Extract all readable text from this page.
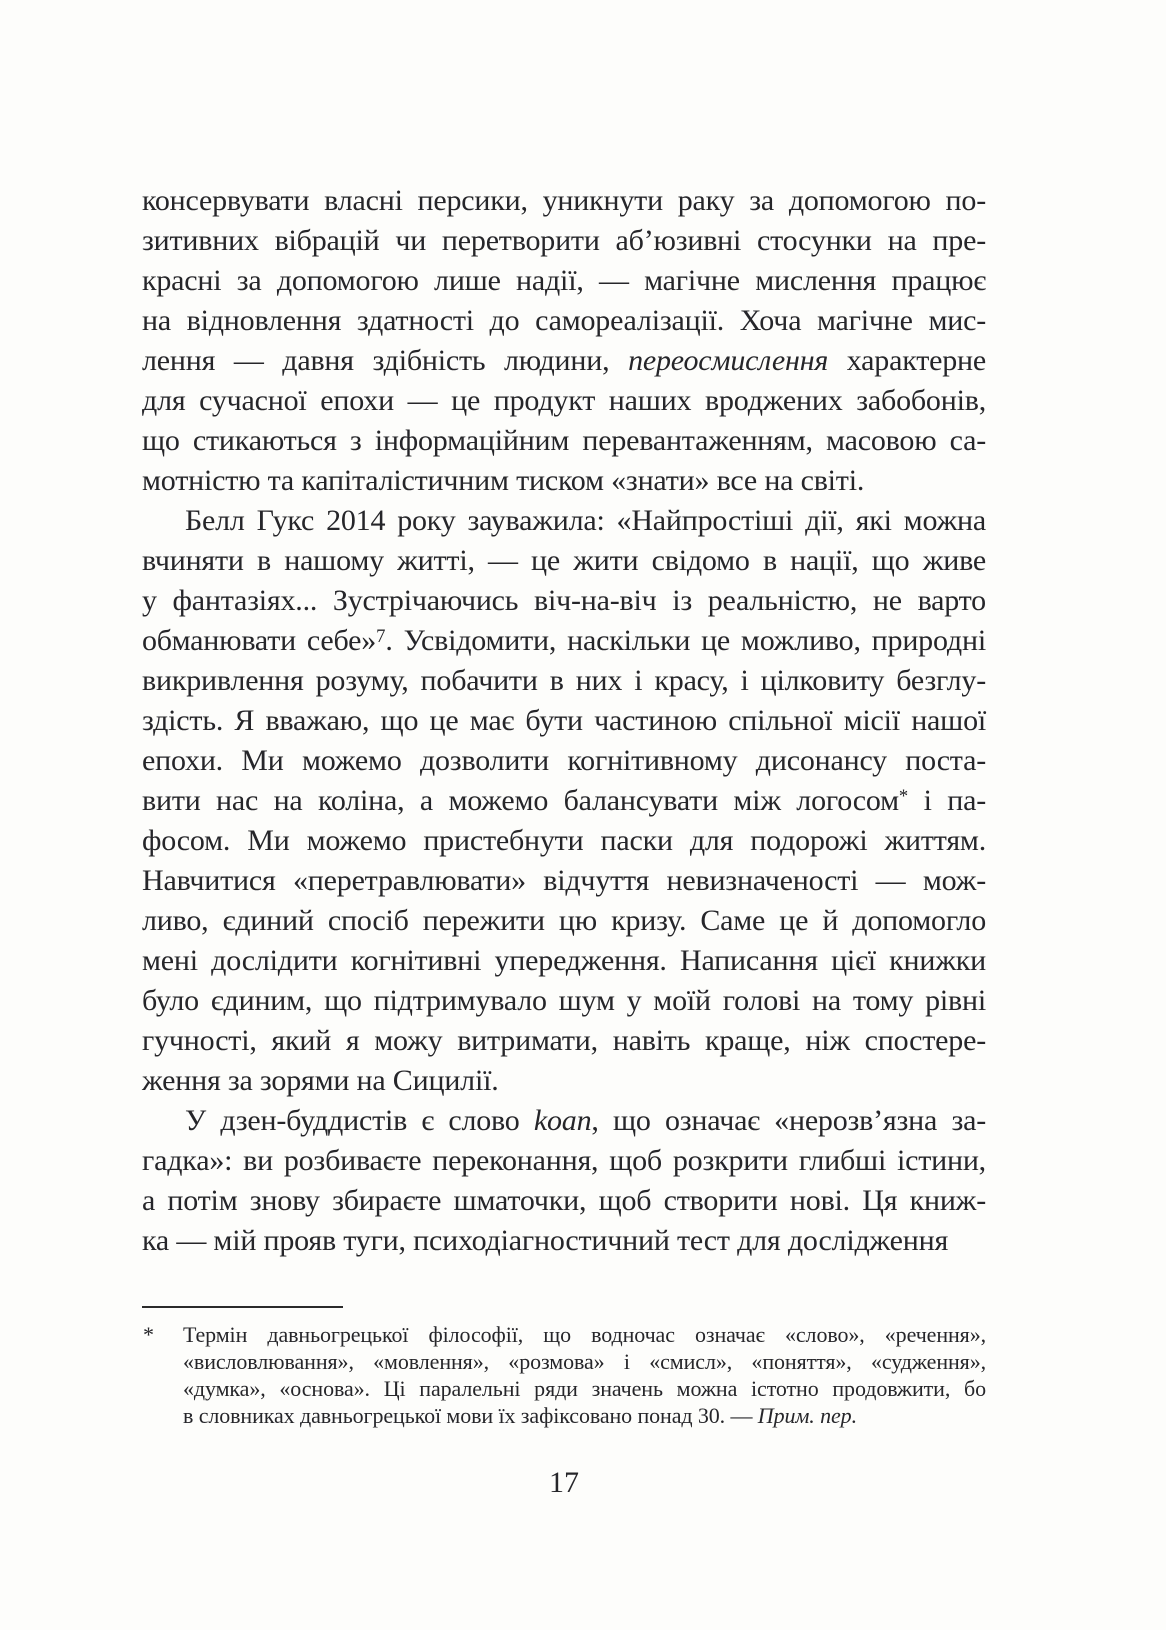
консервувати власні персики, уникнути раку за допомогою по-
зитивних вібрацій чи перетворити аб’юзивні стосунки на пре-
красні за допомогою лише надії, — магічне мислення працює
на відновлення здатності до самореалізації. Хоча магічне мис-
лення — давня здібність людини, переосмислення характерне
для сучасної епохи — це продукт наших вроджених забобонів,
що стикаються з інформаційним перевантаженням, масовою са-
мотністю та капіталістичним тиском «знати» все на світі.
Белл Гукс 2014 року зауважила: «Найпростіші дії, які можна
вчиняти в нашому житті, — це жити свідомо в нації, що живе
у фантазіях... Зустрічаючись віч-на-віч із реальністю, не варто
обманювати себе»$^7$. Усвідомити, наскільки це можливо, природні
викривлення розуму, побачити в них і красу, і цілковиту безглу-
здість. Я вважаю, що це має бути частиною спільної місії нашої
епохи. Ми можемо дозволити когнітивному дисонансу поста-
вити нас на коліна, а можемо балансувати між логосом* і па-
фосом. Ми можемо пристебнути паски для подорожі життям.
Навчитися «перетравлювати» відчуття невизначеності — мож-
ливо, єдиний спосіб пережити цю кризу. Саме це й допомогло
мені дослідити когнітивні упередження. Написання цієї книжки
було єдиним, що підтримувало шум у моїй голові на тому рівні
гучності, який я можу витримати, навіть краще, ніж спостере-
ження за зорями на Сицилії.
У дзен-буддистів є слово koan, що означає «нерозв’язна за-
гадка»: ви розбиваєте переконання, щоб розкрити глибші істини,
а потім знову збираєте шматочки, щоб створити нові. Ця книж-
ка — мій прояв туги, психодіагностичний тест для дослідження
* Термін давньогрецької філософії, що водночас означає «слово», «речення»,
«висловлювання», «мовлення», «розмова» і «смисл», «поняття», «судження»,
«думка», «основа». Ці паралельні ряди значень можна істотно продовжити, бо
в словниках давньогрецької мови їх зафіксовано понад 30. — Прим. пер.
17
